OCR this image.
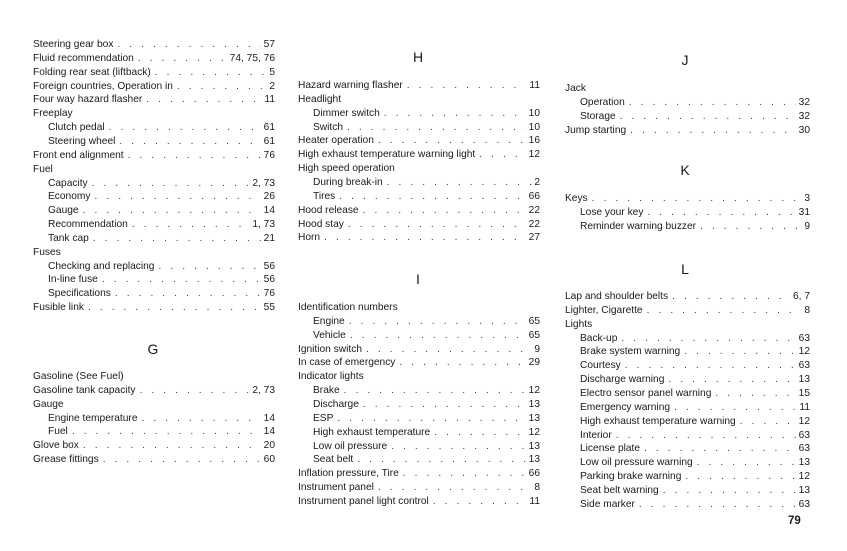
Steering gear box . . .	57
Fluid recommendation . . .	74, 75, 76
Folding rear seat (liftback) . . .	5
Foreign countries, Operation in . . .	2
Four way hazard flasher . . .	11
Freeplay
Clutch pedal . . .	61
Steering wheel . . .	61
Front end alignment . . .	76
Fuel
Capacity . . .	2, 73
Economy . . .	26
Gauge . . .	14
Recommendation . . .	1, 73
Tank cap . . .	21
Fuses
Checking and replacing . . .	56
In-line fuse . . .	56
Specifications . . .	76
Fusible link . . .	55
G
Gasoline (See Fuel)
Gasoline tank capacity . . .	2, 73
Gauge
Engine temperature . . .	14
Fuel . . .	14
Glove box . . .	20
Grease fittings . . .	60
H
Hazard warning flasher . . .	11
Headlight
Dimmer switch . . .	10
Switch . . .	10
Heater operation . . .	16
High exhaust temperature warning light . . .	12
High speed operation
During break-in . . .	2
Tires . . .	66
Hood release . . .	22
Hood stay . . .	22
Horn . . .	27
I
Identification numbers
Engine . . .	65
Vehicle . . .	65
Ignition switch . . .	9
In case of emergency . . .	29
Indicator lights
Brake . . .	12
Discharge . . .	13
ESP . . .	13
High exhaust temperature . . .	12
Low oil pressure . . .	13
Seat belt . . .	13
Inflation pressure, Tire . . .	66
Instrument panel . . .	8
Instrument panel light control . . .	11
J
Jack
Operation . . .	32
Storage . . .	32
Jump starting . . .	30
K
Keys . . .	3
Lose your key . . .	31
Reminder warning buzzer . . .	9
L
Lap and shoulder belts . . .	6, 7
Lighter, Cigarette . . .	8
Lights
Back-up . . .	63
Brake system warning . . .	12
Courtesy . . .	63
Discharge warning . . .	13
Electro sensor panel warning . . .	15
Emergency warning . . .	11
High exhaust temperature warning . . .	12
Interior . . .	63
License plate . . .	63
Low oil pressure warning . . .	13
Parking brake warning . . .	12
Seat belt warning . . .	13
Side marker . . .	63
79
